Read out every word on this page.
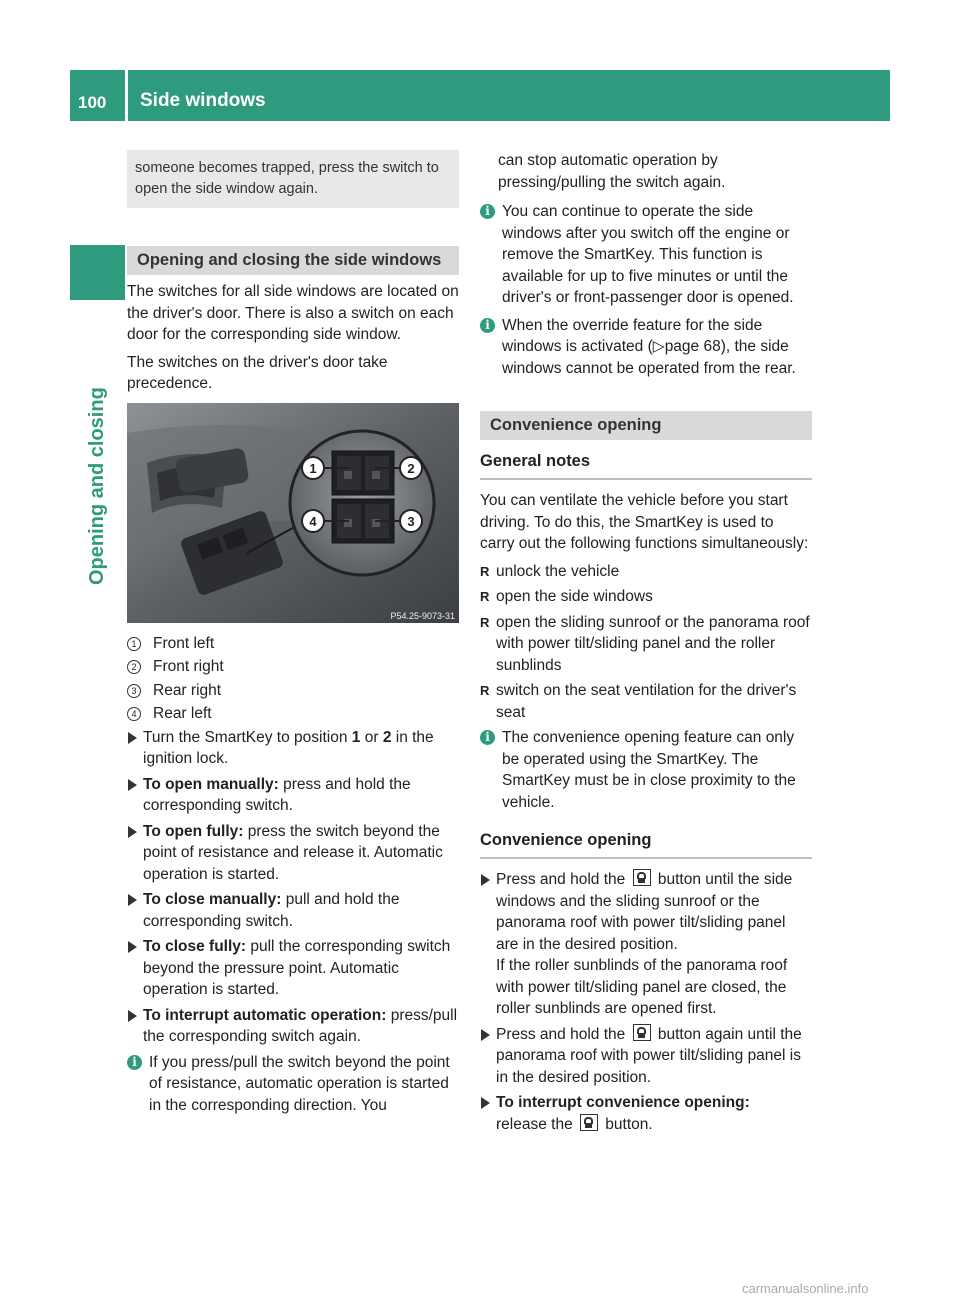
100 Side windows
Opening and closing
someone becomes trapped, press the switch to open the side window again.
Opening and closing the side windows

The switches for all side windows are located on the driver's door. There is also a switch on each door for the corresponding side window.

The switches on the driver's door take precedence.

1	2
4	3
P54.25-9073-31
1 Front left
2 Front right
3 Rear right
4 Rear left
Turn the SmartKey to position 1 or 2 in the ignition lock.
To open manually: press and hold the corresponding switch.
To open fully: press the switch beyond the point of resistance and release it. Automatic operation is started.
To close manually: pull and hold the corresponding switch.
To close fully: pull the corresponding switch beyond the pressure point. Automatic operation is started.
To interrupt automatic operation: press/pull the corresponding switch again.
i If you press/pull the switch beyond the point of resistance, automatic operation is started in the corresponding direction. You

can stop automatic operation by pressing/pulling the switch again.

i You can continue to operate the side windows after you switch off the engine or remove the SmartKey. This function is available for up to five minutes or until the driver's or front-passenger door is opened.
i When the override feature for the side windows is activated (▷page 68), the side windows cannot be operated from the rear.
Convenience opening
General notes

You can ventilate the vehicle before you start driving. To do this, the SmartKey is used to carry out the following functions simultaneously:

R unlock the vehicle
R open the side windows
R open the sliding sunroof or the panorama roof with power tilt/sliding panel and the roller sunblinds
R switch on the seat ventilation for the driver's seat
i The convenience opening feature can only be operated using the SmartKey. The SmartKey must be in close proximity to the vehicle.
Convenience opening
Press and hold the  button until the side windows and the sliding sunroof or the panorama roof with power tilt/sliding panel are in the desired position.
If the roller sunblinds of the panorama roof with power tilt/sliding panel are closed, the roller sunblinds are opened first.
Press and hold the  button again until the panorama roof with power tilt/sliding panel is in the desired position.
To interrupt convenience opening:
release the  button.
carmanualsonline.info
